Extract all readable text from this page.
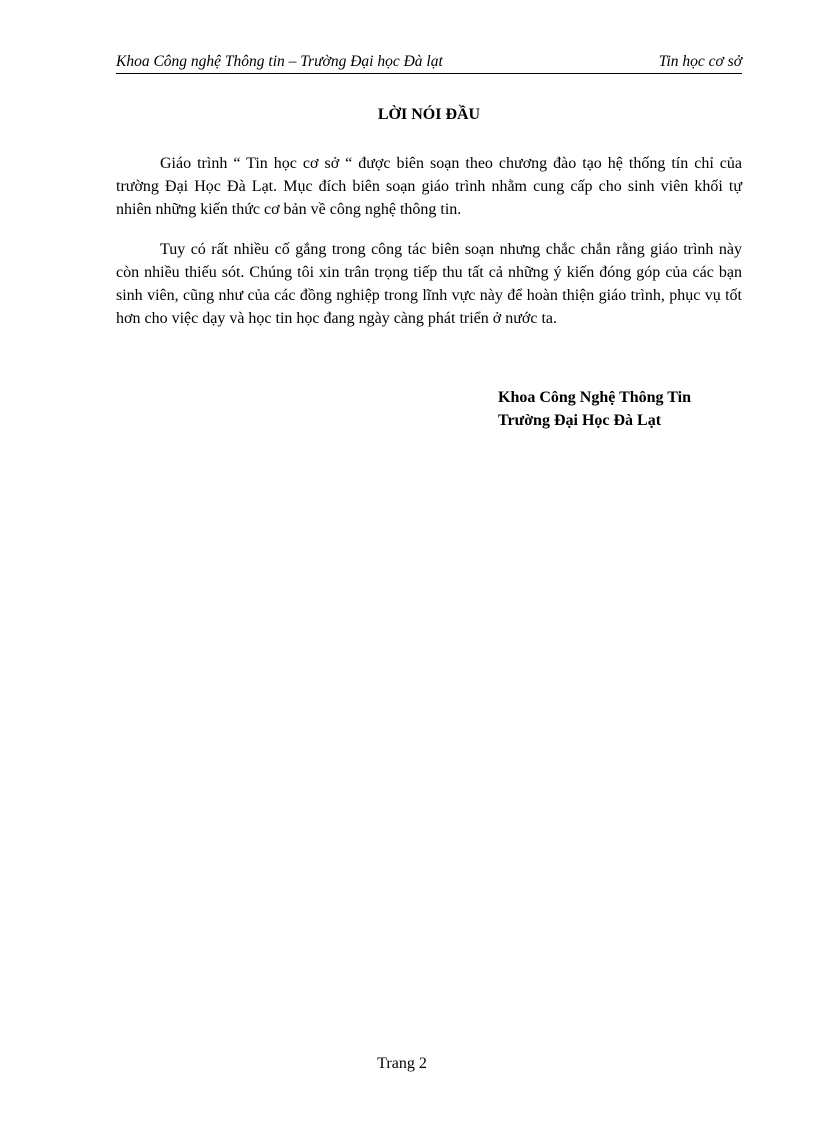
Khoa Công nghệ Thông tin – Trường Đại học Đà lạt	Tin học cơ sở
LỜI NÓI ĐẦU

Giáo trình “ Tin học cơ sở “ được biên soạn theo chương đào tạo hệ thống tín chỉ của trường Đại Học Đà Lạt. Mục đích biên soạn giáo trình nhằm cung cấp cho sinh viên khối tự nhiên những kiến thức cơ bản về công nghệ thông tin.

Tuy có rất nhiều cố gắng trong công tác biên soạn nhưng chắc chắn rằng giáo trình này còn nhiều thiếu sót. Chúng tôi xin trân trọng tiếp thu tất cả những ý kiến đóng góp của các bạn sinh viên, cũng như của các đồng nghiệp trong lĩnh vực này để hoàn thiện giáo trình, phục vụ tốt hơn cho việc dạy và học tin học đang ngày càng phát triển ở nước ta.

Khoa Công Nghệ Thông Tin
Trường Đại Học Đà Lạt
Trang 2
